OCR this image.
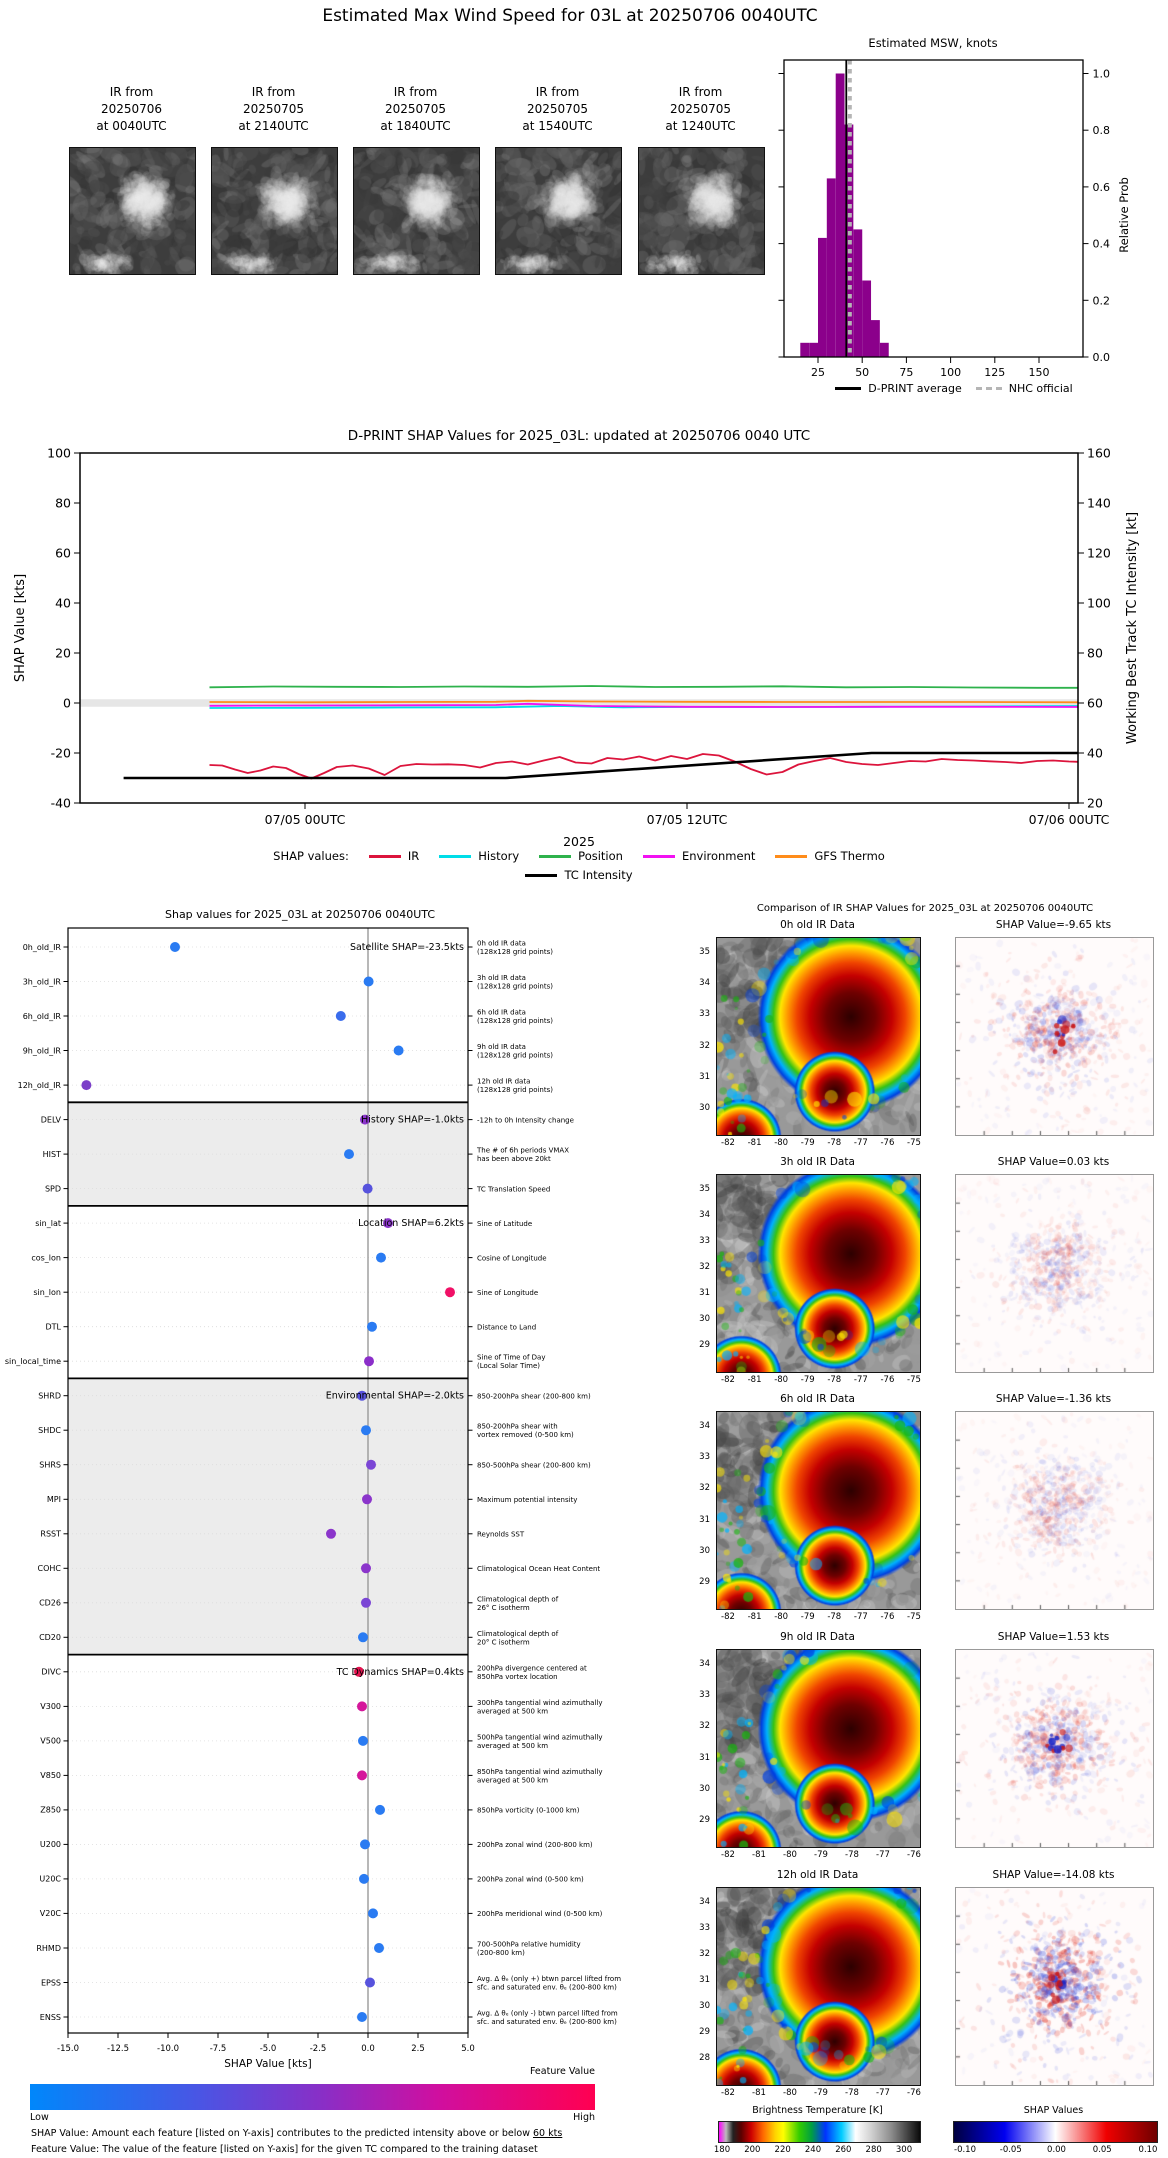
Estimated Max Wind Speed for 03L at 20250706 0040UTC
IR from
20250706
at 0040UTC
IR from
20250705
at 2140UTC
IR from
20250705
at 1840UTC
IR from
20250705
at 1540UTC
IR from
20250705
at 1240UTC
25	50	75 100 125 150
0.0
0.2
0.4
0.6
0.8
1.0
Estimated MSW, knots
Relative Prob
D-PRINT average	NHC official
-40
-20
0
20
40
60
80
100
20
40
60
80
100
120
140
160
07/05 00UTC	07/05 12UTC	07/06 00UTC
2025
D-PRINT SHAP Values for 2025_03L: updated at 20250706 0040 UTC
SHAP Value [kts]	Working Best Track TC Intensity [kt]
SHAP values:	IR	History	Position	Environment	GFS Thermo
TC Intensity
0h_old_IR	0h old IR data
(128x128 grid points)
3h_old_IR	3h old IR data
(128x128 grid points)
6h_old_IR	6h old IR data
(128x128 grid points)
9h_old_IR	9h old IR data
(128x128 grid points)
12h_old_IR	12h old IR data
(128x128 grid points)
DELV	-12h to 0h Intensity change
HIST	The # of 6h periods VMAX
has been above 20kt
SPD	TC Translation Speed
sin_lat	Sine of Latitude
cos_lon	Cosine of Longitude
sin_lon	Sine of Longitude
DTL	Distance to Land
sin_local_time	Sine of Time of Day
(Local Solar Time)
SHRD	850-200hPa shear (200-800 km)
SHDC	850-200hPa shear with
vortex removed (0-500 km)
SHRS	850-500hPa shear (200-800 km)
MPI	Maximum potential intensity
RSST	Reynolds SST
COHC	Climatological Ocean Heat Content
CD26	Climatological depth of
26° C isotherm
CD20	Climatological depth of
20° C isotherm
DIVC	200hPa divergence centered at
850hPa vortex location
V300	300hPa tangential wind azimuthally
averaged at 500 km
V500	500hPa tangential wind azimuthally
averaged at 500 km
V850	850hPa tangential wind azimuthally
averaged at 500 km
Z850	850hPa vorticity (0-1000 km)
U200	200hPa zonal wind (200-800 km)
U20C	200hPa zonal wind (0-500 km)
V20C	200hPa meridional wind (0-500 km)
RHMD	700-500hPa relative humidity
(200-800 km)
EPSS	Avg. Δ θₑ (only +) btwn parcel lifted from
sfc. and saturated env. θₑ (200-800 km)
ENSS	Avg. Δ θₑ (only -) btwn parcel lifted from
sfc. and saturated env. θₑ (200-800 km)
Satellite SHAP=-23.5kts
History SHAP=-1.0kts
Location SHAP=6.2kts
Environmental SHAP=-2.0kts
TC Dynamics SHAP=0.4kts
-15.0	-12.5	-10.0	-7.5	-5.0	-2.5	0.0	2.5	5.0
SHAP Value [kts]
Shap values for 2025_03L at 20250706 0040UTC
Feature Value
Low	High
SHAP Value: Amount each feature [listed on Y-axis] contributes to the predicted intensity above or below 60 kts
Feature Value: The value of the feature [listed on Y-axis] for the given TC compared to the training dataset
Comparison of IR SHAP Values for 2025_03L at 20250706 0040UTC
0h old IR Data	SHAP Value=-9.65 kts
35
34
33
32
31
30
-82	-81	-80	-79	-78	-77	-76	-75
3h old IR Data	SHAP Value=0.03 kts
35
34
33
32
31
30
29
-82	-81	-80	-79	-78	-77	-76	-75
6h old IR Data	SHAP Value=-1.36 kts
34
33
32
31
30
29
-82	-81	-80	-79	-78	-77	-76	-75
9h old IR Data	SHAP Value=1.53 kts
34
33
32
31
30
29
-82	-81	-80	-79	-78	-77	-76
12h old IR Data	SHAP Value=-14.08 kts
34
33
32
31
30
29
28
-82	-81	-80	-79	-78	-77	-76
Brightness Temperature [K]	SHAP Values
180	200	220	240	260	280	300	-0.10	-0.05	0.00	0.05	0.10
